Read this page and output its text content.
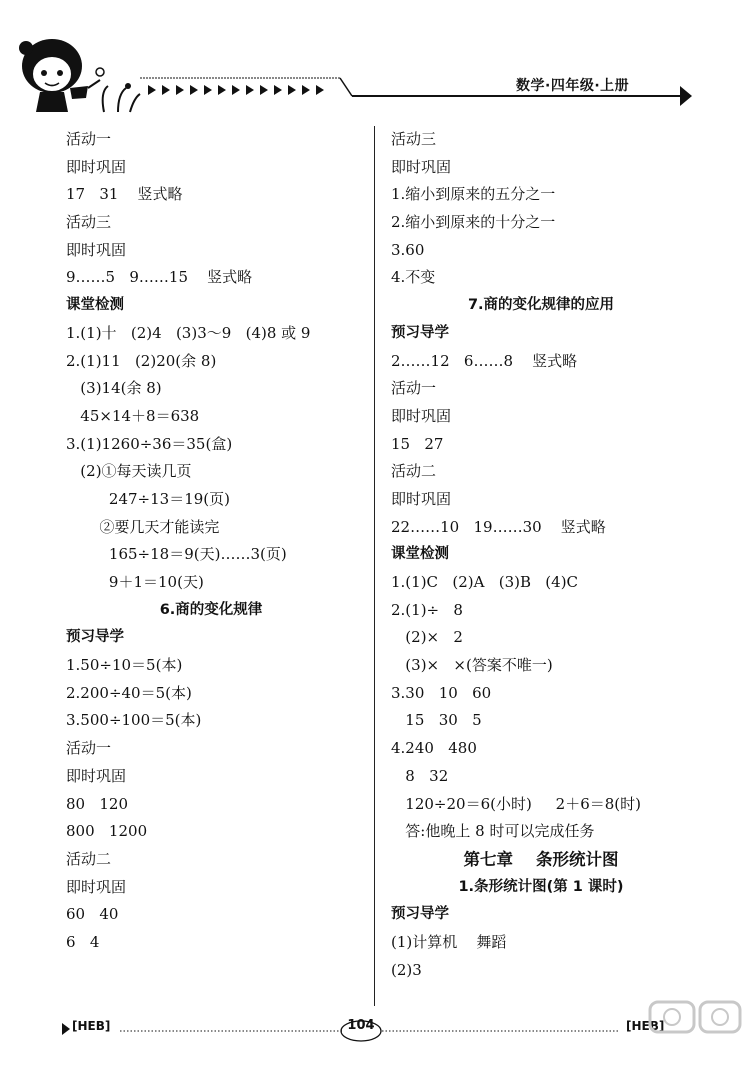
数学·四年级·上册
活动一
即时巩固
17   31    竖式略
活动三
即时巩固
9……5   9……15    竖式略
课堂检测
1.(1)十   (2)4   (3)3～9   (4)8 或 9
2.(1)11   (2)20(余 8)
(3)14(余 8)
45×14＋8＝638
3.(1)1260÷36＝35(盒)
(2)①每天读几页
247÷13＝19(页)
②要几天才能读完
165÷18＝9(天)……3(页)
9＋1＝10(天)
6.商的变化规律
预习导学
1.50÷10＝5(本)
2.200÷40＝5(本)
3.500÷100＝5(本)
活动一
即时巩固
80   120
800   1200
活动二
即时巩固
60   40
6   4
活动三
即时巩固
1.缩小到原来的五分之一
2.缩小到原来的十分之一
3.60
4.不变
7.商的变化规律的应用
预习导学
2……12   6……8    竖式略
活动一
即时巩固
15   27
活动二
即时巩固
22……10   19……30    竖式略
课堂检测
1.(1)C   (2)A   (3)B   (4)C
2.(1)÷   8
(2)×   2
(3)×   ×(答案不唯一)
3.30   10   60
15   30   5
4.240   480
8   32
120÷20＝6(小时)     2＋6＝8(时)
答:他晚上 8 时可以完成任务
第七章    条形统计图
1.条形统计图(第 1 课时)
预习导学
(1)计算机    舞蹈
(2)3
[HEB]	[HEB]
104
